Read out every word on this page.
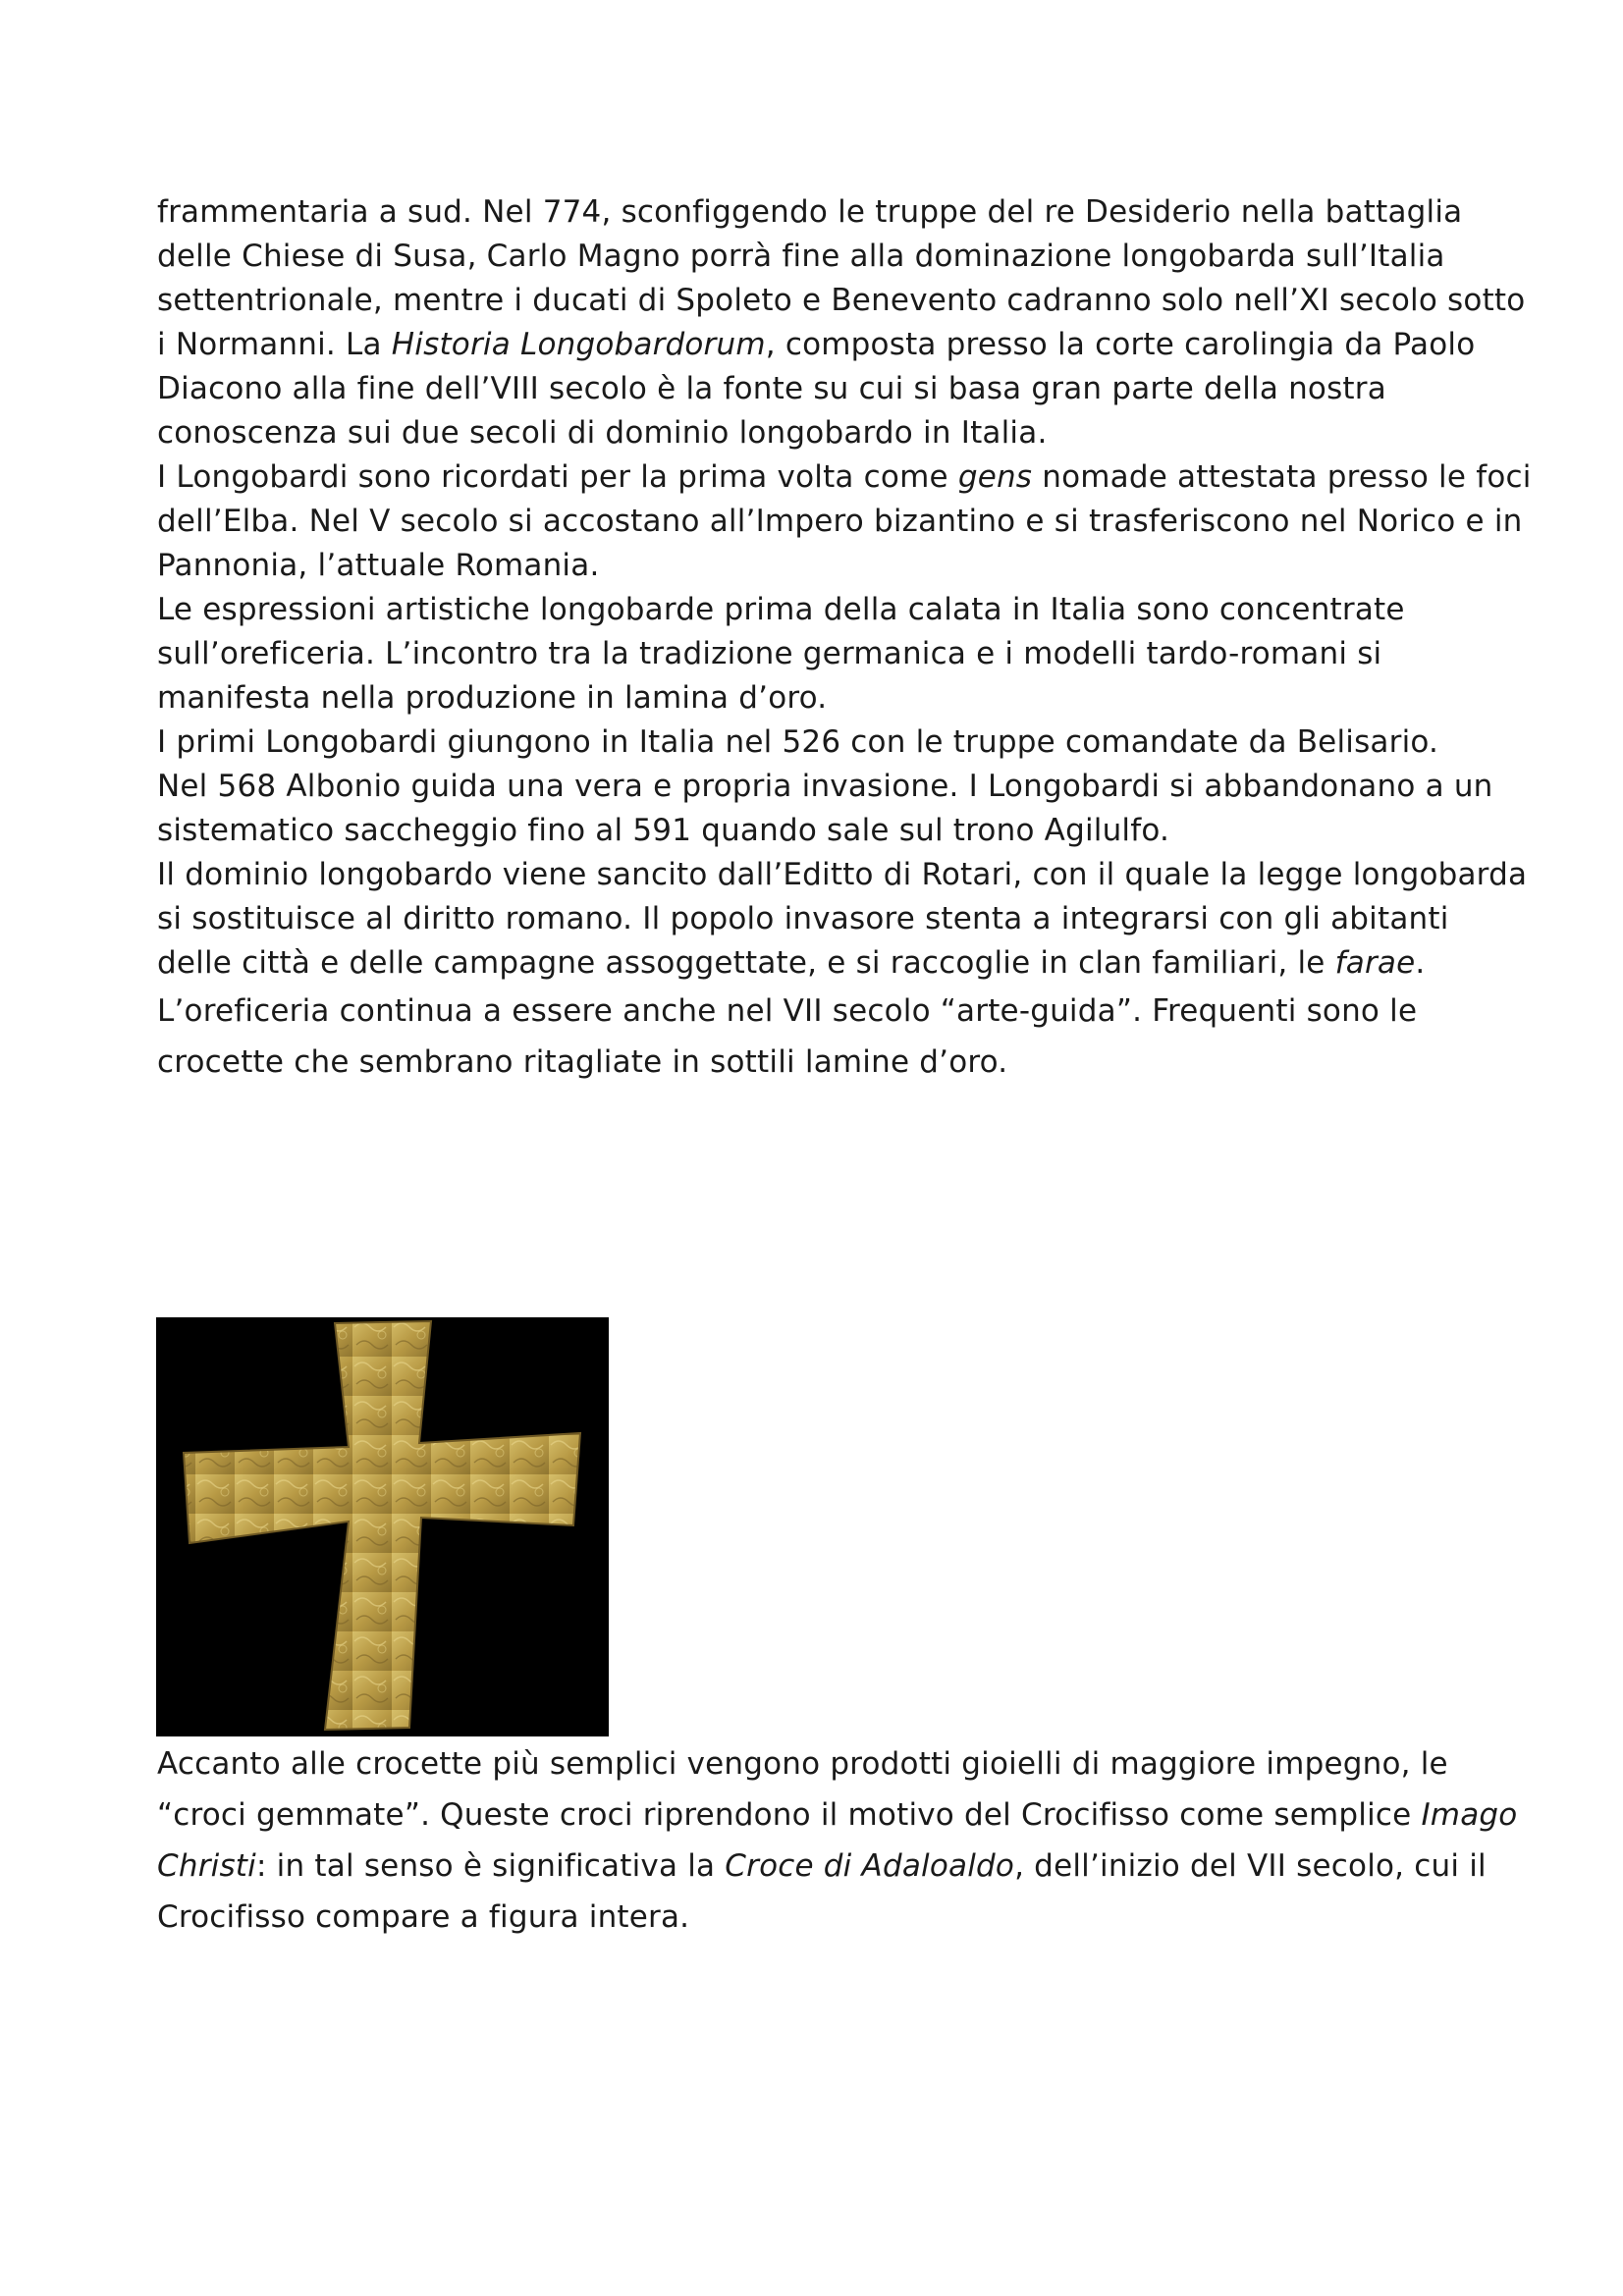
frammentaria a sud. Nel 774, sconfiggendo le truppe del re Desiderio nella battaglia delle Chiese di Susa, Carlo Magno porrà fine alla dominazione longobarda sull’Italia settentrionale, mentre i ducati di Spoleto e Benevento cadranno solo nell’XI secolo sotto i Normanni. La Historia Longobardorum, composta presso la corte carolingia da Paolo Diacono alla fine dell’VIII secolo è la fonte su cui si basa gran parte della nostra conoscenza sui due secoli di dominio longobardo in Italia.

I Longobardi sono ricordati per la prima volta come gens nomade attestata presso le foci dell’Elba. Nel V secolo si accostano all’Impero bizantino e si trasferiscono nel Norico e in Pannonia, l’attuale Romania.

Le espressioni artistiche longobarde prima della calata in Italia sono concentrate sull’oreficeria. L’incontro tra la tradizione germanica e i modelli tardo-romani si manifesta nella produzione in lamina d’oro.

I primi Longobardi giungono in Italia nel 526 con le truppe comandate da Belisario.

Nel 568 Albonio guida una vera e propria invasione. I Longobardi si abbandonano a un sistematico saccheggio fino al 591 quando sale sul trono Agilulfo.

Il dominio longobardo viene sancito dall’Editto di Rotari, con il quale la legge longobarda si sostituisce al diritto romano. Il popolo invasore stenta a integrarsi con gli abitanti delle città e delle campagne assoggettate, e si raccoglie in clan familiari, le farae.

L’oreficeria continua a essere anche nel VII secolo “arte-guida”. Frequenti sono le crocette che sembrano ritagliate in sottili lamine d’oro.

Accanto alle crocette più semplici vengono prodotti gioielli di maggiore impegno, le “croci gemmate”. Queste croci riprendono il motivo del Crocifisso come semplice Imago Christi: in tal senso è significativa la Croce di Adaloaldo, dell’inizio del VII secolo, cui il Crocifisso compare a figura intera.
